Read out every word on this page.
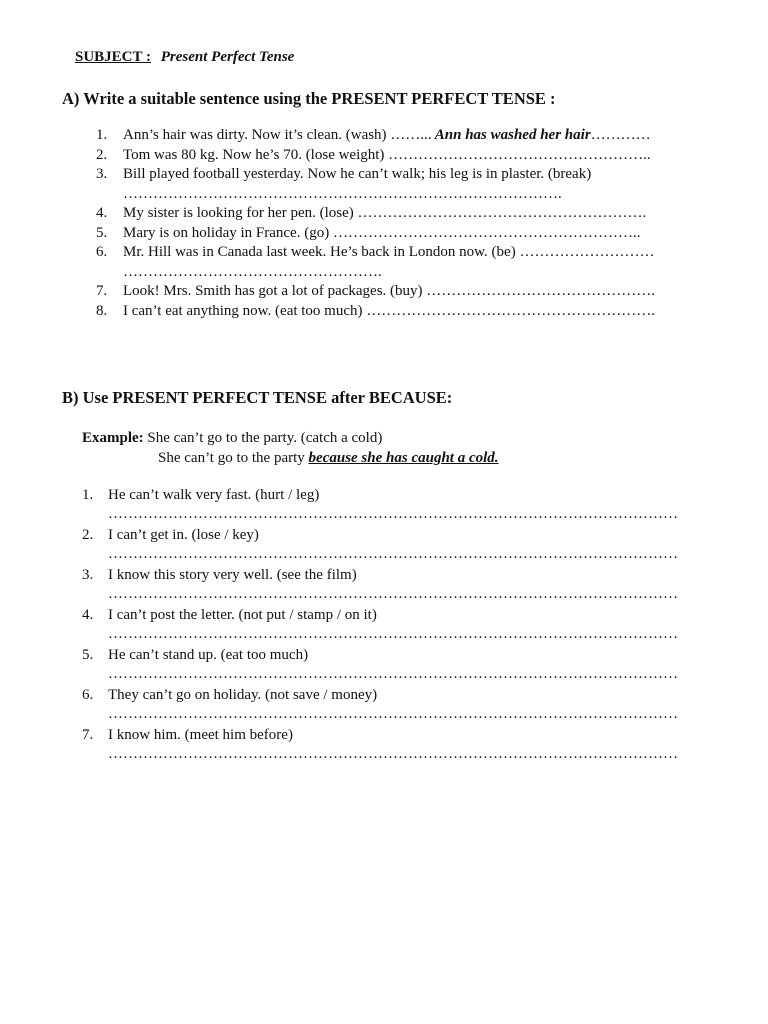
SUBJECT : Present Perfect Tense
A) Write a suitable sentence using the PRESENT PERFECT TENSE :
1. Ann’s hair was dirty. Now it’s clean. (wash) ……... Ann has washed her hair…………
2. Tom was 80 kg. Now he’s 70. (lose weight) ……………………………………………..
3. Bill played football yesterday. Now he can’t walk; his leg is in plaster. (break)
…………………………………………………………………………….
4. My sister is looking for her pen. (lose) ………………………………………………….
5. Mary is on holiday in France. (go) ……………………………………………………..
6. Mr. Hill was in Canada last week. He’s back in London now. (be) ………………………
…………………………………………….
7. Look! Mrs. Smith has got a lot of packages. (buy) ……………………………………….
8. I can’t eat anything now. (eat too much) ………………………………………………….
B) Use PRESENT PERFECT TENSE after BECAUSE:
Example: She can’t go to the party. (catch a cold)
She can’t go to the party because she has caught a cold.
1. He can’t walk very fast. (hurt / leg)
……………………………………………………………………………………………………
2. I can’t get in. (lose / key)
……………………………………………………………………………………………………
3. I know this story very well. (see the film)
……………………………………………………………………………………………………
4. I can’t post the letter. (not put / stamp / on it)
……………………………………………………………………………………………………
5. He can’t stand up. (eat too much)
……………………………………………………………………………………………………
6. They can’t go on holiday. (not save / money)
……………………………………………………………………………………………………
7. I know him. (meet him before)
……………………………………………………………………………………………………
